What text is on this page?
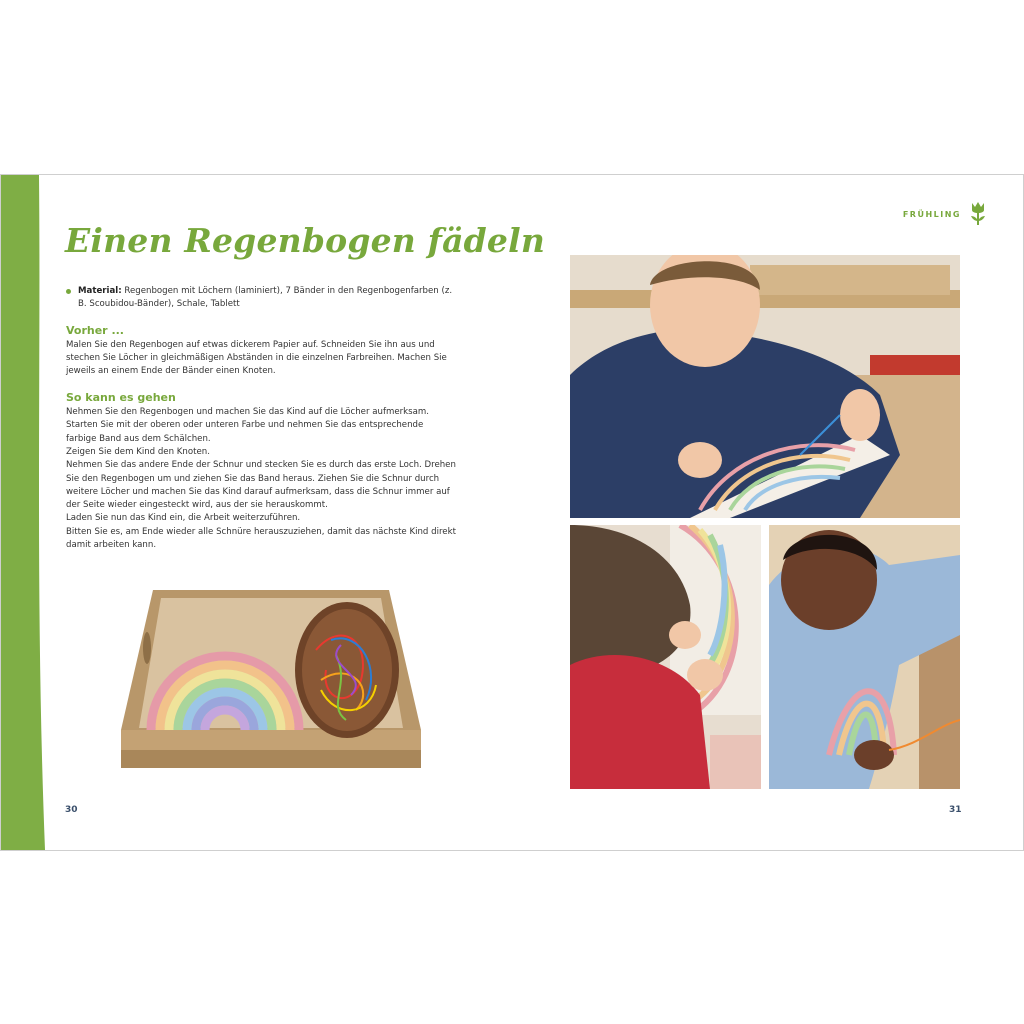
Einen Regenbogen fädeln

Material: Regenbogen mit Löchern (laminiert), 7 Bänder in den Regenbogenfarben (z. B. Scoubidou-Bänder), Schale, Tablett

Vorher ...

Malen Sie den Regenbogen auf etwas dickerem Papier auf. Schneiden Sie ihn aus und stechen Sie Löcher in gleichmäßigen Abständen in die einzelnen Farbreihen. Machen Sie jeweils an einem Ende der Bänder einen Knoten.

So kann es gehen

Nehmen Sie den Regenbogen und machen Sie das Kind auf die Löcher aufmerksam. Starten Sie mit der oberen oder unteren Farbe und nehmen Sie das entsprechende farbige Band aus dem Schälchen.

Zeigen Sie dem Kind den Knoten.

Nehmen Sie das andere Ende der Schnur und stecken Sie es durch das erste Loch. Drehen Sie den Regenbogen um und ziehen Sie das Band heraus. Ziehen Sie die Schnur durch weitere Löcher und machen Sie das Kind darauf aufmerksam, dass die Schnur immer auf der Seite wieder eingesteckt wird, aus der sie herauskommt.

Laden Sie nun das Kind ein, die Arbeit weiterzuführen.

Bitten Sie es, am Ende wieder alle Schnüre herauszuziehen, damit das nächste Kind direkt damit arbeiten kann.

FRÜHLING
30	31
